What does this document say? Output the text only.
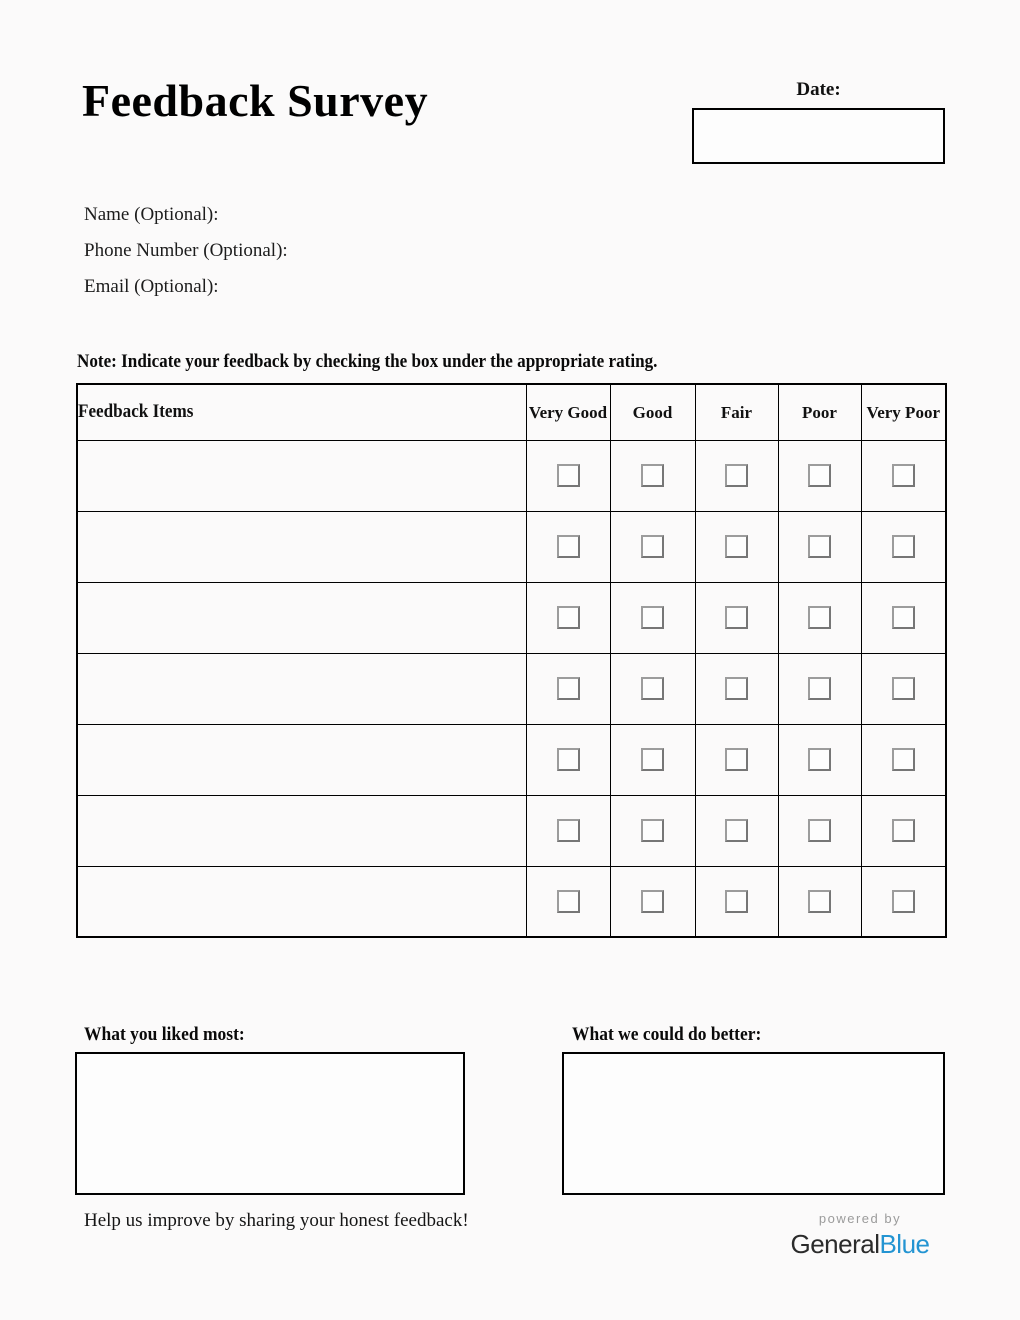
Feedback Survey	Date:
Name (Optional):
Phone Number (Optional):
Email (Optional):
Note: Indicate your feedback by checking the box under the appropriate rating.
Feedback Items	Very Good	Good	Fair	Poor	Very Poor

What you liked most:	What we could do better:
Help us improve by sharing your honest feedback!	powered by
GeneralBlue
